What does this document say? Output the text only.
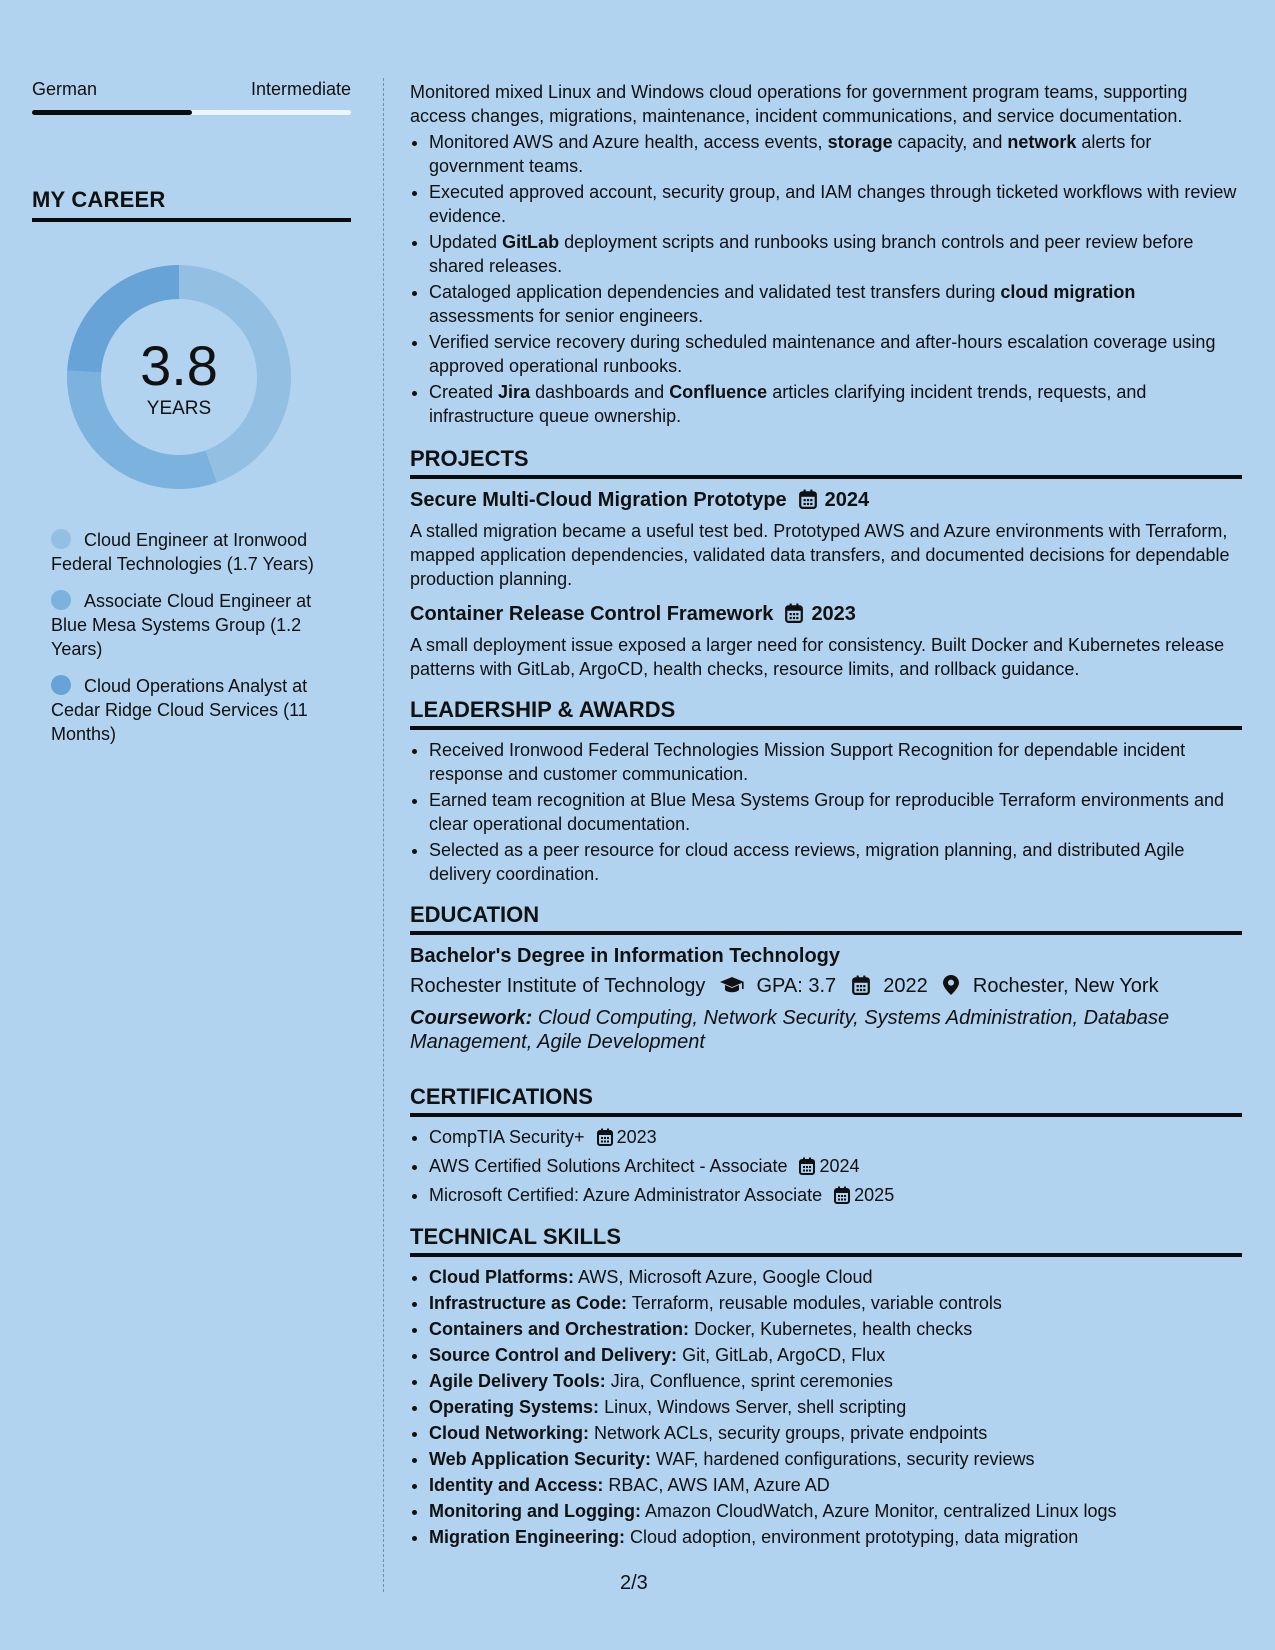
German	Intermediate
MY CAREER
3.8
YEARS
Cloud Engineer at Ironwood Federal Technologies (1.7 Years)
Associate Cloud Engineer at Blue Mesa Systems Group (1.2 Years)
Cloud Operations Analyst at Cedar Ridge Cloud Services (11 Months)
Monitored mixed Linux and Windows cloud operations for government program teams, supporting access changes, migrations, maintenance, incident communications, and service documentation.
• Monitored AWS and Azure health, access events, storage capacity, and network alerts for government teams.
• Executed approved account, security group, and IAM changes through ticketed workflows with review evidence.
• Updated GitLab deployment scripts and runbooks using branch controls and peer review before shared releases.
• Cataloged application dependencies and validated test transfers during cloud migration assessments for senior engineers.
• Verified service recovery during scheduled maintenance and after-hours escalation coverage using approved operational runbooks.
• Created Jira dashboards and Confluence articles clarifying incident trends, requests, and infrastructure queue ownership.
PROJECTS
Secure Multi-Cloud Migration Prototype 2024
A stalled migration became a useful test bed. Prototyped AWS and Azure environments with Terraform, mapped application dependencies, validated data transfers, and documented decisions for dependable production planning.
Container Release Control Framework 2023
A small deployment issue exposed a larger need for consistency. Built Docker and Kubernetes release patterns with GitLab, ArgoCD, health checks, resource limits, and rollback guidance.
LEADERSHIP & AWARDS
• Received Ironwood Federal Technologies Mission Support Recognition for dependable incident response and customer communication.
• Earned team recognition at Blue Mesa Systems Group for reproducible Terraform environments and clear operational documentation.
• Selected as a peer resource for cloud access reviews, migration planning, and distributed Agile delivery coordination.
EDUCATION
Bachelor's Degree in Information Technology
Rochester Institute of Technology	GPA: 3.7 2022 Rochester, New York
Coursework: Cloud Computing, Network Security, Systems Administration, Database Management, Agile Development
CERTIFICATIONS
• CompTIA Security+ 2023
• AWS Certified Solutions Architect - Associate 2024
• Microsoft Certified: Azure Administrator Associate 2025
TECHNICAL SKILLS
• Cloud Platforms: AWS, Microsoft Azure, Google Cloud
• Infrastructure as Code: Terraform, reusable modules, variable controls
• Containers and Orchestration: Docker, Kubernetes, health checks
• Source Control and Delivery: Git, GitLab, ArgoCD, Flux
• Agile Delivery Tools: Jira, Confluence, sprint ceremonies
• Operating Systems: Linux, Windows Server, shell scripting
• Cloud Networking: Network ACLs, security groups, private endpoints
• Web Application Security: WAF, hardened configurations, security reviews
• Identity and Access: RBAC, AWS IAM, Azure AD
• Monitoring and Logging: Amazon CloudWatch, Azure Monitor, centralized Linux logs
• Migration Engineering: Cloud adoption, environment prototyping, data migration
2/3
